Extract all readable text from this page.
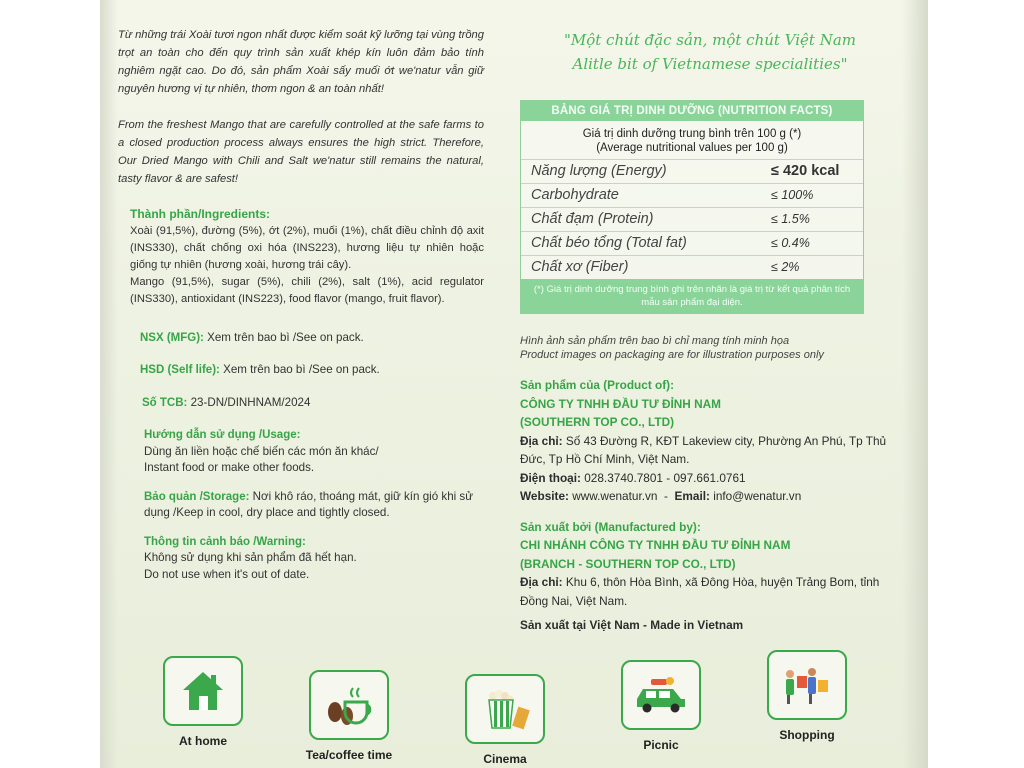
Từ những trái Xoài tươi ngon nhất được kiểm soát kỹ lưỡng tại vùng trồng trọt an toàn cho đến quy trình sản xuất khép kín luôn đảm bảo tính nghiêm ngặt cao. Do đó, sản phẩm Xoài sấy muối ớt we'natur vẫn giữ nguyên hương vị tự nhiên, thơm ngon & an toàn nhất!

From the freshest Mango that are carefully controlled at the safe farms to a closed production process always ensures the high strict. Therefore, Our Dried Mango with Chili and Salt we'natur still remains the natural, tasty flavor & are safest!

Thành phần/Ingredients:
Xoài (91,5%), đường (5%), ớt (2%), muối (1%), chất điều chỉnh độ axit (INS330), chất chống oxi hóa (INS223), hương liệu tự nhiên hoặc giống tự nhiên (hương xoài, hương trái cây).
Mango (91,5%), sugar (5%), chili (2%), salt (1%), acid regulator (INS330), antioxidant (INS223), food flavor (mango, fruit flavor).
NSX (MFG): Xem trên bao bì /See on pack.
HSD (Self life): Xem trên bao bì /See on pack.
Số TCB: 23-DN/DINHNAM/2024
Hướng dẫn sử dụng /Usage:
Dùng ăn liền hoặc chế biến các món ăn khác/
Instant food or make other foods.
Bảo quản /Storage: Nơi khô ráo, thoáng mát, giữ kín gió khi sử dụng /Keep in cool, dry place and tightly closed.
Thông tin cảnh báo /Warning:
Không sử dụng khi sản phẩm đã hết hạn.
Do not use when it's out of date.
"Một chút đặc sản, một chút Việt Nam
Alitle bit of Vietnamese specialities"
BẢNG GIÁ TRỊ DINH DƯỠNG (NUTRITION FACTS)
Giá trị dinh dưỡng trung bình trên 100 g (*)
(Average nutritional values per 100 g)
Năng lượng (Energy)	≤ 420 kcal
Carbohydrate	≤ 100%
Chất đạm (Protein)	≤ 1.5%
Chất béo tổng (Total fat)	≤ 0.4%
Chất xơ (Fiber)	≤ 2%
(*) Giá trị dinh dưỡng trung bình ghi trên nhãn là giá trị từ kết quả phân tích mẫu sản phẩm đại diện.
Hình ảnh sản phẩm trên bao bì chỉ mang tính minh họa
Product images on packaging are for illustration purposes only
Sản phẩm của (Product of):
CÔNG TY TNHH ĐẦU TƯ ĐỈNH NAM
(SOUTHERN TOP CO., LTD)
Địa chỉ: Số 43 Đường R, KĐT Lakeview city, Phường An Phú, Tp Thủ Đức, Tp Hồ Chí Minh, Việt Nam.
Điện thoại: 028.3740.7801 - 097.661.0761
Website: www.wenatur.vn  -  Email: info@wenatur.vn
Sản xuất bởi (Manufactured by):
CHI NHÁNH CÔNG TY TNHH ĐẦU TƯ ĐỈNH NAM
(BRANCH - SOUTHERN TOP CO., LTD)
Địa chỉ: Khu 6, thôn Hòa Bình, xã Đông Hòa, huyện Trảng Bom, tỉnh Đồng Nai, Việt Nam.
Sản xuất tại Việt Nam - Made in Vietnam
At home
Tea/coffee time	Cinema
Picnic
Shopping
